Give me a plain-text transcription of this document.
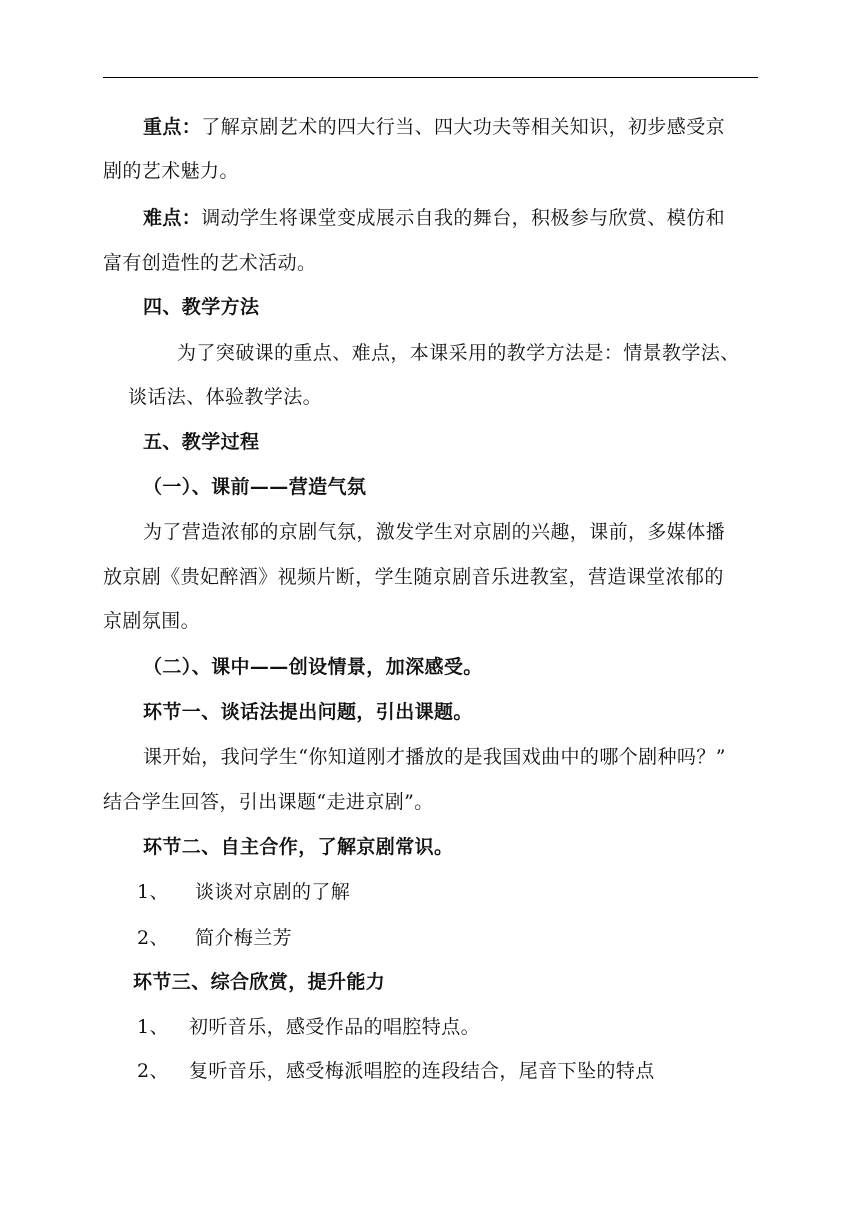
重点：了解京剧艺术的四大行当、四大功夫等相关知识，初步感受京
剧的艺术魅力。
难点：调动学生将课堂变成展示自我的舞台，积极参与欣赏、模仿和
富有创造性的艺术活动。
四、教学方法
为了突破课的重点、难点，本课采用的教学方法是：情景教学法、
谈话法、体验教学法。
五、教学过程
（一）、课前——营造气氛
为了营造浓郁的京剧气氛，激发学生对京剧的兴趣，课前，多媒体播
放京剧《贵妃醉酒》视频片断，学生随京剧音乐进教室，营造课堂浓郁的
京剧氛围。
（二）、课中——创设情景，加深感受。
环节一、谈话法提出问题，引出课题。
课开始，我问学生“你知道刚才播放的是我国戏曲中的哪个剧种吗？”
结合学生回答，引出课题“走进京剧”。
环节二、自主合作，了解京剧常识。
1、 谈谈对京剧的了解
2、 简介梅兰芳
环节三、综合欣赏，提升能力
1、 初听音乐，感受作品的唱腔特点。
2、 复听音乐，感受梅派唱腔的连段结合，尾音下坠的特点
